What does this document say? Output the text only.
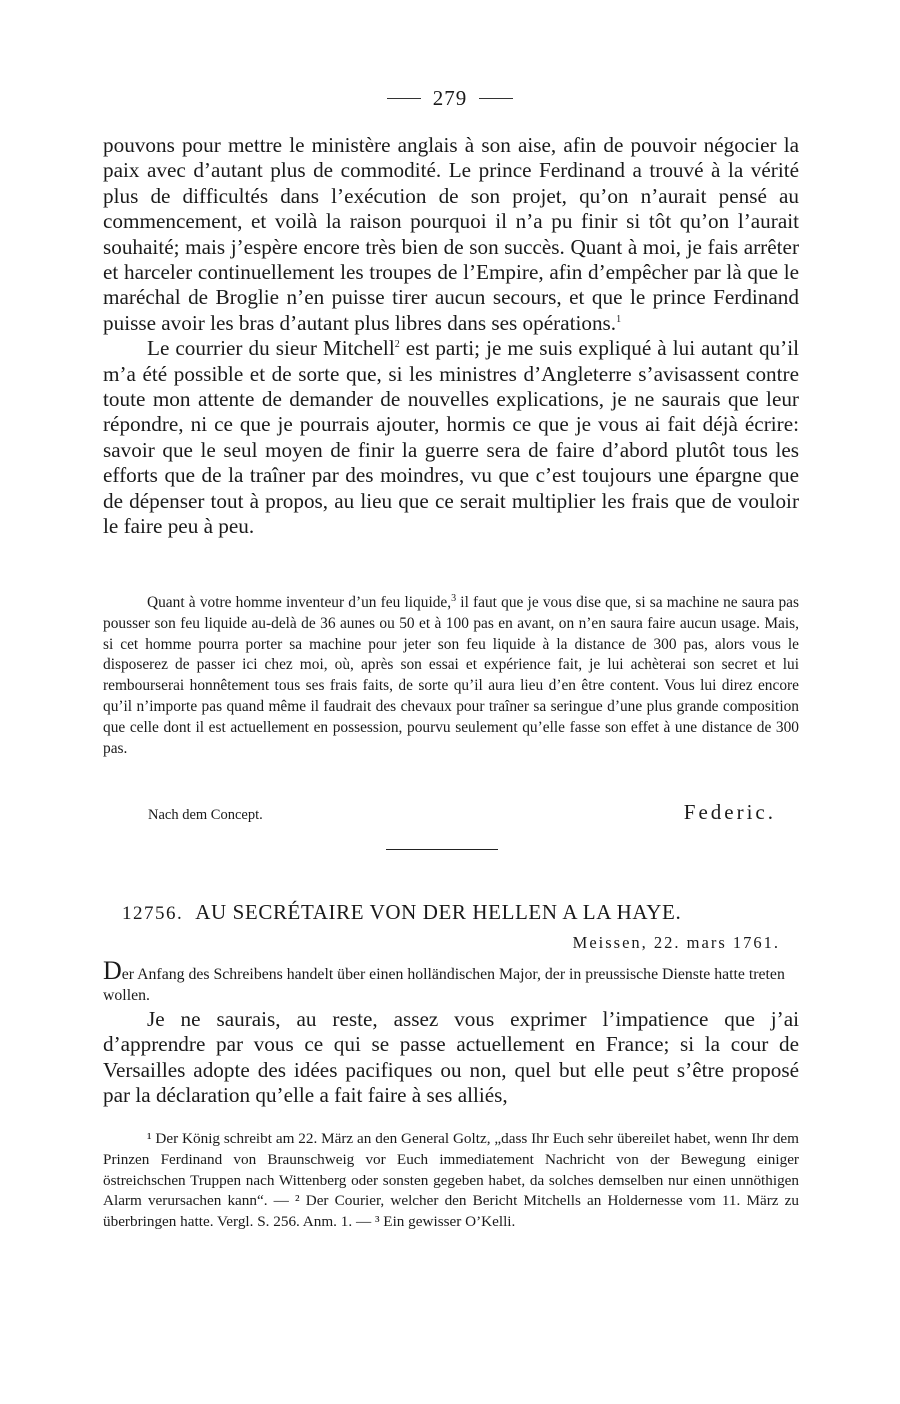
279

pouvons pour mettre le ministère anglais à son aise, afin de pouvoir négocier la paix avec d’autant plus de commodité. Le prince Ferdinand a trouvé à la vérité plus de difficultés dans l’exécution de son projet, qu’on n’aurait pensé au commencement, et voilà la raison pourquoi il n’a pu finir si tôt qu’on l’aurait souhaité; mais j’espère encore très bien de son succès. Quant à moi, je fais arrêter et harceler continuellement les troupes de l’Empire, afin d’empêcher par là que le maréchal de Broglie n’en puisse tirer aucun secours, et que le prince Ferdinand puisse avoir les bras d’autant plus libres dans ses opérations.$^1$

Le courrier du sieur Mitchell$^2$ est parti; je me suis expliqué à lui autant qu’il m’a été possible et de sorte que, si les ministres d’Angleterre s’avisassent contre toute mon attente de demander de nouvelles explications, je ne saurais que leur répondre, ni ce que je pourrais ajouter, hormis ce que je vous ai fait déjà écrire: savoir que le seul moyen de finir la guerre sera de faire d’abord plutôt tous les efforts que de la traîner par des moindres, vu que c’est toujours une épargne que de dépenser tout à propos, au lieu que ce serait multiplier les frais que de vouloir le faire peu à peu.

Quant à votre homme inventeur d’un feu liquide,$^3$ il faut que je vous dise que, si sa machine ne saura pas pousser son feu liquide au-delà de 36 aunes ou 50 et à 100 pas en avant, on n’en saura faire aucun usage. Mais, si cet homme pourra porter sa machine pour jeter son feu liquide à la distance de 300 pas, alors vous le disposerez de passer ici chez moi, où, après son essai et expérience fait, je lui achèterai son secret et lui rembourserai honnêtement tous ses frais faits, de sorte qu’il aura lieu d’en être content. Vous lui direz encore qu’il n’importe pas quand même il faudrait des chevaux pour traîner sa seringue d’une plus grande composition que celle dont il est actuellement en possession, pourvu seulement qu’elle fasse son effet à une distance de 300 pas.

Nach dem Concept.	Federic.
12756. AU SECRÉTAIRE VON DER HELLEN A LA HAYE.
Meissen, 22. mars 1761.
Der Anfang des Schreibens handelt über einen holländischen Major, der in preussische Dienste hatte treten wollen.

Je ne saurais, au reste, assez vous exprimer l’impatience que j’ai d’apprendre par vous ce qui se passe actuellement en France; si la cour de Versailles adopte des idées pacifiques ou non, quel but elle peut s’être proposé par la déclaration qu’elle a fait faire à ses alliés,

¹ Der König schreibt am 22. März an den General Goltz, „dass Ihr Euch sehr übereilet habet, wenn Ihr dem Prinzen Ferdinand von Braunschweig vor Euch immediatement Nachricht von der Bewegung einiger östreichschen Truppen nach Wittenberg oder sonsten gegeben habet, da solches demselben nur einen unnöthigen Alarm verursachen kann“. — ² Der Courier, welcher den Bericht Mitchells an Holdernesse vom 11. März zu überbringen hatte. Vergl. S. 256. Anm. 1. — ³ Ein gewisser O’Kelli.
